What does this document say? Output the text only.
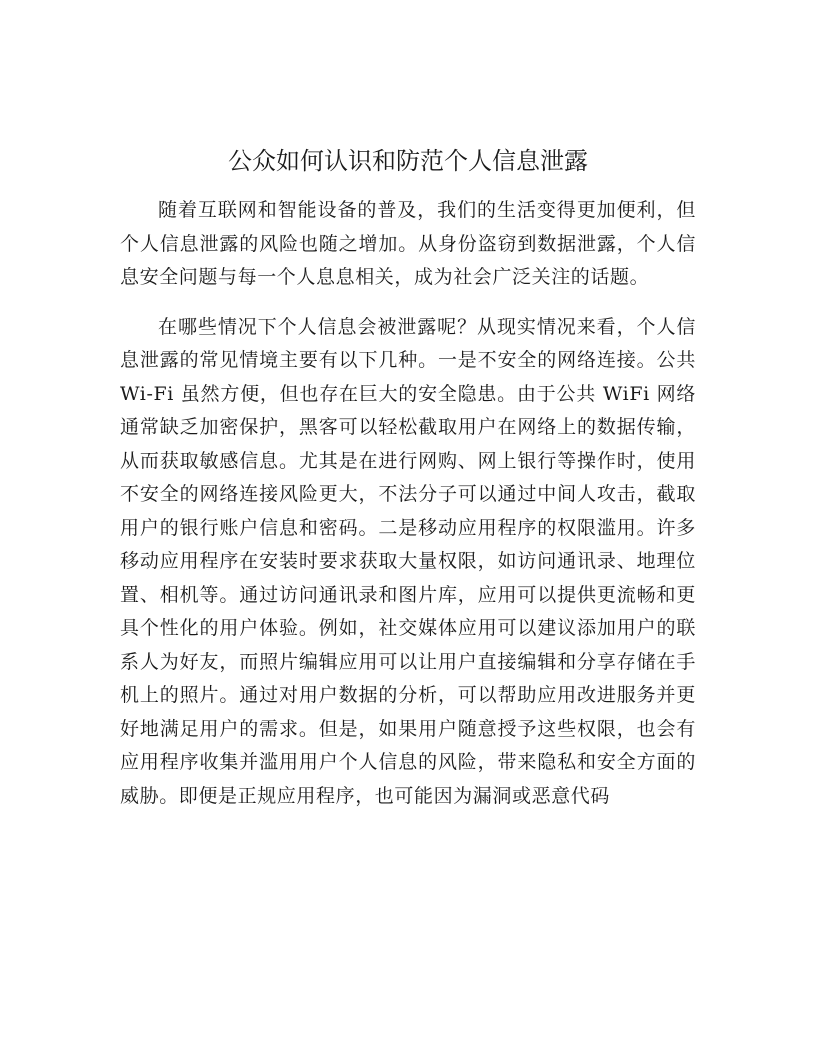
公众如何认识和防范个人信息泄露

随着互联网和智能设备的普及，我们的生活变得更加便利，但个人信息泄露的风险也随之增加。从身份盗窃到数据泄露，个人信息安全问题与每一个人息息相关，成为社会广泛关注的话题。

在哪些情况下个人信息会被泄露呢？从现实情况来看，个人信息泄露的常见情境主要有以下几种。一是不安全的网络连接。公共 Wi-Fi 虽然方便，但也存在巨大的安全隐患。由于公共 WiFi 网络通常缺乏加密保护，黑客可以轻松截取用户在网络上的数据传输，从而获取敏感信息。尤其是在进行网购、网上银行等操作时，使用不安全的网络连接风险更大，不法分子可以通过中间人攻击，截取用户的银行账户信息和密码。二是移动应用程序的权限滥用。许多移动应用程序在安装时要求获取大量权限，如访问通讯录、地理位置、相机等。通过访问通讯录和图片库，应用可以提供更流畅和更具个性化的用户体验。例如，社交媒体应用可以建议添加用户的联系人为好友，而照片编辑应用可以让用户直接编辑和分享存储在手机上的照片。通过对用户数据的分析，可以帮助应用改进服务并更好地满足用户的需求。但是，如果用户随意授予这些权限，也会有应用程序收集并滥用用户个人信息的风险，带来隐私和安全方面的威胁。即便是正规应用程序，也可能因为漏洞或恶意代码
